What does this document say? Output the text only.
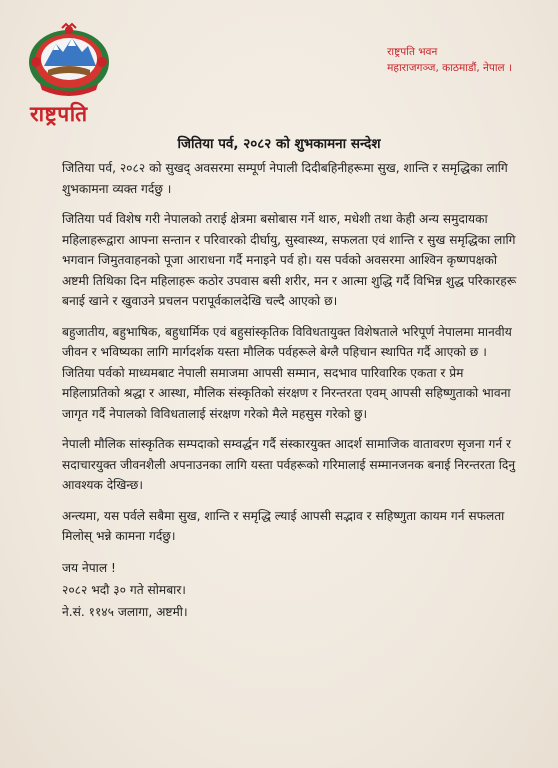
राष्ट्रपति
राष्ट्रपति भवन
महाराजगञ्ज, काठमाडौं, नेपाल ।
जितिया पर्व, २०८२ को शुभकामना सन्देश

जितिया पर्व, २०८२ को सुखद् अवसरमा सम्पूर्ण नेपाली दिदीबहिनीहरूमा सुख, शान्ति र समृद्धिका लागि शुभकामना व्यक्त गर्दछु ।

जितिया पर्व विशेष गरी नेपालको तराई क्षेत्रमा बसोबास गर्ने थारु, मधेशी तथा केही अन्य समुदायका महिलाहरूद्वारा आफ्ना सन्तान र परिवारको दीर्घायु, सुस्वास्थ्य, सफलता एवं शान्ति र सुख समृद्धिका लागि भगवान जिमुतवाहनको पूजा आराधना गर्दै मनाइने पर्व हो। यस पर्वको अवसरमा आश्विन कृष्णपक्षको अष्टमी तिथिका दिन महिलाहरू कठोर उपवास बसी शरीर, मन र आत्मा शुद्धि गर्दै विभिन्न शुद्ध परिकारहरू बनाई खाने र खुवाउने प्रचलन परापूर्वकालदेखि चल्दै आएको छ।

बहुजातीय, बहुभाषिक, बहुधार्मिक एवं बहुसांस्कृतिक विविधतायुक्त विशेषताले भरिपूर्ण नेपालमा मानवीय जीवन र भविष्यका लागि मार्गदर्शक यस्ता मौलिक पर्वहरूले बेग्लै पहिचान स्थापित गर्दै आएको छ । जितिया पर्वको माध्यमबाट नेपाली समाजमा आपसी सम्मान, सदभाव पारिवारिक एकता र प्रेम महिलाप्रतिको श्रद्धा र आस्था, मौलिक संस्कृतिको संरक्षण र निरन्तरता एवम् आपसी सहिष्णुताको भावना जागृत गर्दै नेपालको विविधतालाई संरक्षण गरेको मैले महसुस गरेको छु।

नेपाली मौलिक सांस्कृतिक सम्पदाको सम्वर्द्धन गर्दै संस्कारयुक्त आदर्श सामाजिक वातावरण सृजना गर्न र सदाचारयुक्त जीवनशैली अपनाउनका लागि यस्ता पर्वहरूको गरिमालाई सम्मानजनक बनाई निरन्तरता दिनु आवश्यक देखिन्छ।

अन्त्यमा, यस पर्वले सबैमा सुख, शान्ति र समृद्धि ल्याई आपसी सद्भाव र सहिष्णुता कायम गर्न सफलता मिलोस् भन्ने कामना गर्दछु।

जय नेपाल !
२०८२ भदौ ३० गते सोमबार।
ने.सं. ११४५ जलागा, अष्टमी।
